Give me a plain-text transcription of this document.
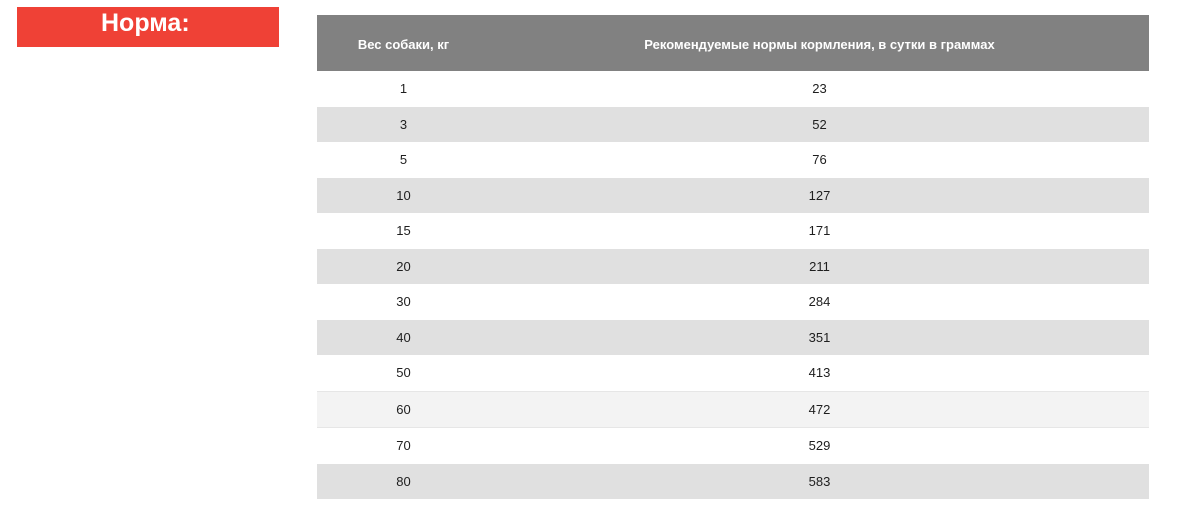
Норма:
Вес собаки, кг	Рекомендуемые нормы кормления, в сутки в граммах
1	23
3	52
5	76
10	127
15	171
20	211
30	284
40	351
50	413
60	472
70	529
80	583
